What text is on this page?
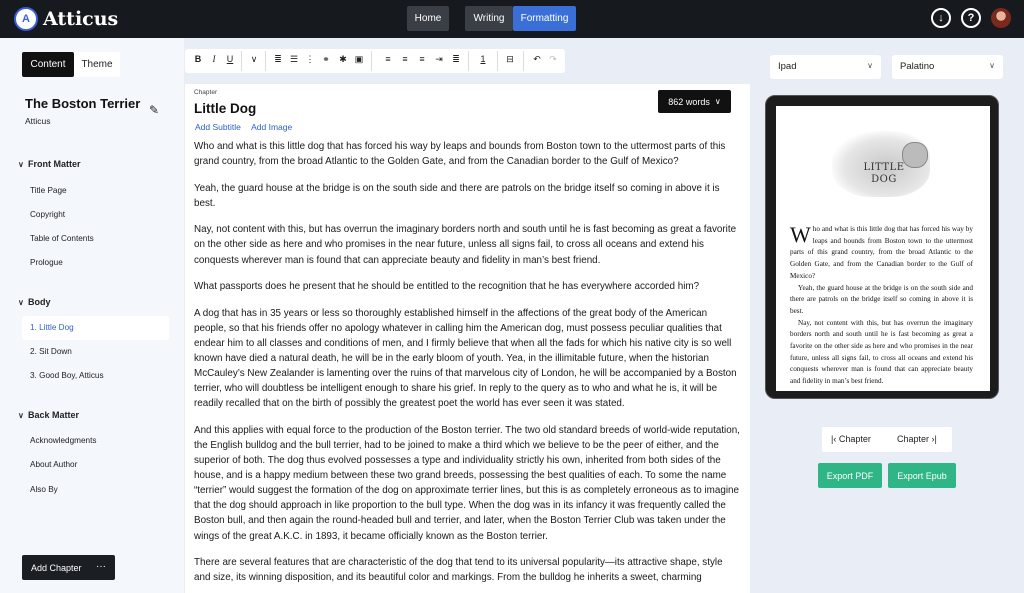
A Atticus	Home	Writing	Formatting	↓	?
Content	Theme
The Boston Terrier
Atticus
✎
∨ Front Matter
Title Page
Copyright
Table of Contents
Prologue
∨ Body
1. Little Dog
2. Sit Down
3. Good Boy, Atticus
∨ Back Matter
Acknowledgments
About Author
Also By
Add Chapter ···
B	I	U	∨	≣ ☰ ⋮ ⚭	✱ ▣	≡	≡	≡	⇥	≣	1	⊟	↶ ↷
Chapter
Little Dog
Add Subtitle Add Image
862 words ∨

Who and what is this little dog that has forced his way by leaps and bounds from Boston town to the uttermost parts of this grand country, from the broad Atlantic to the Golden Gate, and from the Canadian border to the Gulf of Mexico?

Yeah, the guard house at the bridge is on the south side and there are patrols on the bridge itself so coming in above it is best.

Nay, not content with this, but has overrun the imaginary borders north and south until he is fast becoming as great a favorite on the other side as here and who promises in the near future, unless all signs fail, to cross all oceans and extend his conquests wherever man is found that can appreciate beauty and fidelity in man’s best friend.

What passports does he present that he should be entitled to the recognition that he has everywhere accorded him?

A dog that has in 35 years or less so thoroughly established himself in the affections of the great body of the American people, so that his friends offer no apology whatever in calling him the American dog, must possess peculiar qualities that endear him to all classes and conditions of men, and I firmly believe that when all the fads for which his native city is so well known have died a natural death, he will be in the early bloom of youth. Yea, in the illimitable future, when the historian McCauley’s New Zealander is lamenting over the ruins of that marvelous city of London, he will be accompanied by a Boston terrier, who will doubtless be intelligent enough to share his grief. In reply to the query as to who and what he is, it will be readily recalled that on the birth of possibly the greatest poet the world has ever seen it was stated.

And this applies with equal force to the production of the Boston terrier. The two old standard breeds of world-wide reputation, the English bulldog and the bull terrier, had to be joined to make a third which we believe to be the peer of either, and the superior of both. The dog thus evolved possesses a type and individuality strictly his own, inherited from both sides of the house, and is a happy medium between these two grand breeds, possessing the best qualities of each. To some the name “terrier” would suggest the formation of the dog on approximate terrier lines, but this is as completely erroneous as to imagine that the dog should approach in like proportion to the bull type. When the dog was in its infancy it was frequently called the Boston bull, and then again the round-headed bull and terrier, and later, when the Boston Terrier Club was taken under the wings of the great A.K.C. in 1893, it became officially known as the Boston terrier.

There are several features that are characteristic of the dog that tend to its universal popularity—its attractive shape, style and size, its winning disposition, and its beautiful color and markings. From the bulldog he inherits a sweet, charming

Ipad	∨	Palatino	∨
LITTLE DOG

Who and what is this little dog that has forced his way by leaps and bounds from Boston town to the uttermost parts of this grand country, from the broad Atlantic to the Golden Gate, and from the Canadian border to the Gulf of Mexico?

Yeah, the guard house at the bridge is on the south side and there are patrols on the bridge itself so coming in above it is best.

Nay, not content with this, but has overrun the imaginary borders north and south until he is fast becoming as great a favorite on the other side as here and who promises in the near future, unless all signs fail, to cross all oceans and extend his conquests wherever man is found that can appreciate beauty and fidelity in man’s best friend.

|‹ Chapter	Chapter ›|
Export PDF	Export Epub
